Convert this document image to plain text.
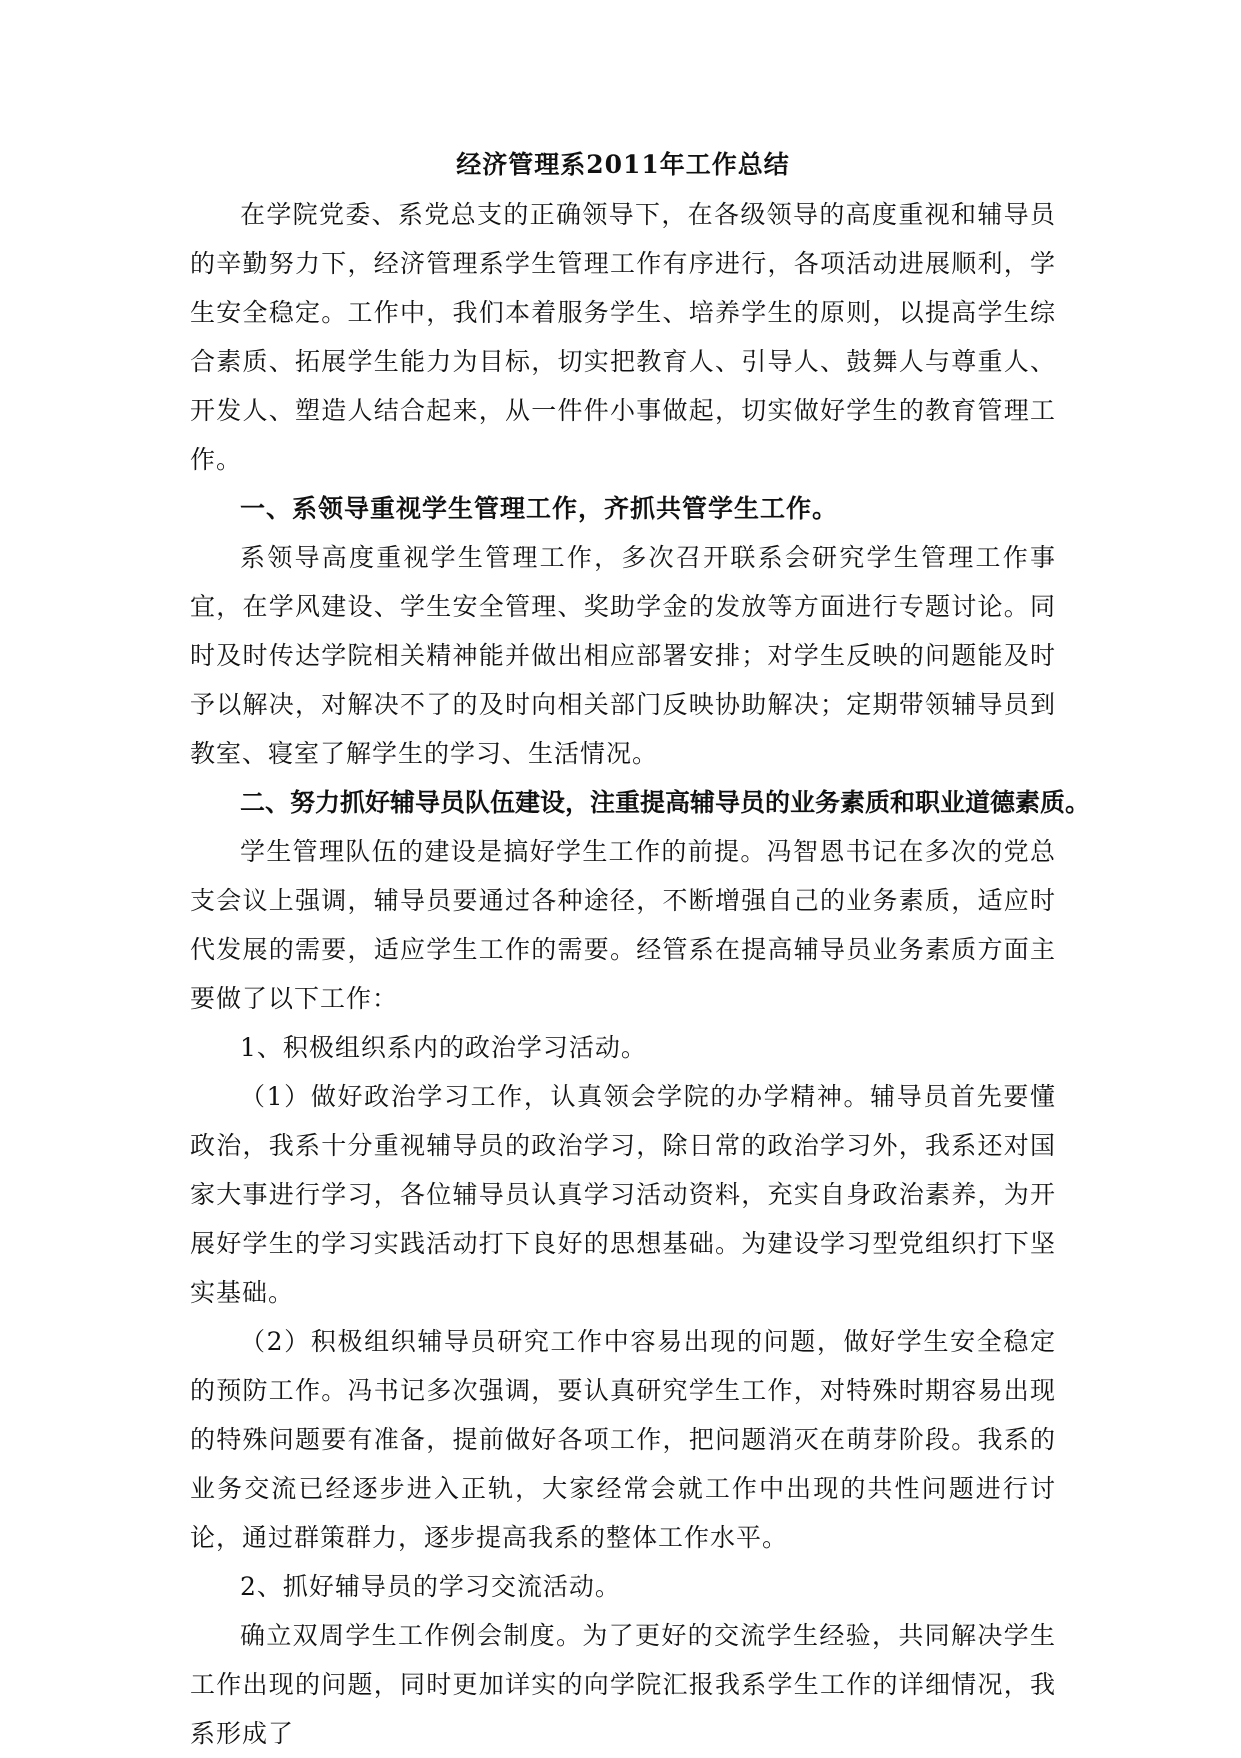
经济管理系2011年工作总结

在学院党委、系党总支的正确领导下，在各级领导的高度重视和辅导员的辛勤努力下，经济管理系学生管理工作有序进行，各项活动进展顺利，学生安全稳定。工作中，我们本着服务学生、培养学生的原则，以提高学生综合素质、拓展学生能力为目标，切实把教育人、引导人、鼓舞人与尊重人、开发人、塑造人结合起来，从一件件小事做起，切实做好学生的教育管理工作。

一、系领导重视学生管理工作，齐抓共管学生工作。

系领导高度重视学生管理工作，多次召开联系会研究学生管理工作事宜，在学风建设、学生安全管理、奖助学金的发放等方面进行专题讨论。同时及时传达学院相关精神能并做出相应部署安排；对学生反映的问题能及时予以解决，对解决不了的及时向相关部门反映协助解决；定期带领辅导员到教室、寝室了解学生的学习、生活情况。

二、努力抓好辅导员队伍建设，注重提高辅导员的业务素质和职业道德素质。

学生管理队伍的建设是搞好学生工作的前提。冯智恩书记在多次的党总支会议上强调，辅导员要通过各种途径，不断增强自己的业务素质，适应时代发展的需要，适应学生工作的需要。经管系在提高辅导员业务素质方面主要做了以下工作：

1、积极组织系内的政治学习活动。

（1）做好政治学习工作，认真领会学院的办学精神。辅导员首先要懂政治，我系十分重视辅导员的政治学习，除日常的政治学习外，我系还对国家大事进行学习，各位辅导员认真学习活动资料，充实自身政治素养，为开展好学生的学习实践活动打下良好的思想基础。为建设学习型党组织打下坚实基础。

（2）积极组织辅导员研究工作中容易出现的问题，做好学生安全稳定的预防工作。冯书记多次强调，要认真研究学生工作，对特殊时期容易出现的特殊问题要有准备，提前做好各项工作，把问题消灭在萌芽阶段。我系的业务交流已经逐步进入正轨，大家经常会就工作中出现的共性问题进行讨论，通过群策群力，逐步提高我系的整体工作水平。

2、抓好辅导员的学习交流活动。

确立双周学生工作例会制度。为了更好的交流学生经验，共同解决学生工作出现的问题，同时更加详实的向学院汇报我系学生工作的详细情况，我系形成了
